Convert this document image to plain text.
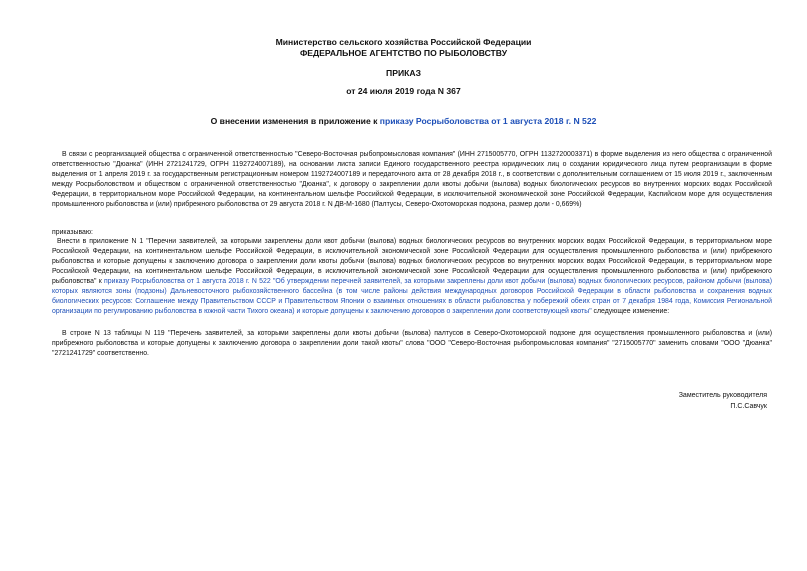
Министерство сельского хозяйства Российской Федерации
ФЕДЕРАЛЬНОЕ АГЕНТСТВО ПО РЫБОЛОВСТВУ
ПРИКАЗ
от 24 июля 2019 года N 367
О внесении изменения в приложение к приказу Росрыболовства от 1 августа 2018 г. N 522
В связи с реорганизацией общества с ограниченной ответственностью "Северо-Восточная рыбопромысловая компания" (ИНН 2715005770, ОГРН 1132720003371) в форме выделения из него общества с ограниченной ответственностью "Дюанка" (ИНН 2721241729, ОГРН 1192724007189), на основании листа записи Единого государственного реестра юридических лиц о создании юридического лица путем реорганизации в форме выделения от 1 апреля 2019 г. за государственным регистрационным номером 1192724007189 и передаточного акта от 28 декабря 2018 г., в соответствии с дополнительным соглашением от 15 июля 2019 г., заключенным между Росрыболовством и обществом с ограниченной ответственностью "Дюанка", к договору о закреплении доли квоты добычи (вылова) водных биологических ресурсов во внутренних морских водах Российской Федерации, в территориальном море Российской Федерации, на континентальном шельфе Российской Федерации, в исключительной экономической зоне Российской Федерации, Каспийском море для осуществления промышленного рыболовства и (или) прибрежного рыболовства от 29 августа 2018 г. N ДВ-М-1680 (Палтусы, Северо-Охотоморская подзона, размер доли - 0,669%)
приказываю:
Внести в приложение N 1 "Перечни заявителей, за которыми закреплены доли квот добычи (вылова) водных биологических ресурсов во внутренних морских водах Российской Федерации, в территориальном море Российской Федерации, на континентальном шельфе Российской Федерации, в исключительной экономической зоне Российской Федерации для осуществления промышленного рыболовства и (или) прибрежного рыболовства и которые допущены к заключению договора о закреплении доли квоты добычи (вылова) водных биологических ресурсов во внутренних морских водах Российской Федерации, в территориальном море Российской Федерации, на континентальном шельфе Российской Федерации, в исключительной экономической зоне Российской Федерации для осуществления промышленного рыболовства и (или) прибрежного рыболовства" к приказу Росрыболовства от 1 августа 2018 г. N 522 "Об утверждении перечней заявителей, за которыми закреплены доли квот добычи (вылова) водных биологических ресурсов, районом добычи (вылова) которых являются зоны (подзоны) Дальневосточного рыбохозяйственного бассейна (в том числе районы действия международных договоров Российской Федерации в области рыболовства и сохранения водных биологических ресурсов: Соглашение между Правительством СССР и Правительством Японии о взаимных отношениях в области рыболовства у побережий обеих стран от 7 декабря 1984 года, Комиссия Региональной организации по регулированию рыболовства в южной части Тихого океана) и которые допущены к заключению договоров о закреплении доли соответствующей квоты" следующее изменение:
В строке N 13 таблицы N 119 "Перечень заявителей, за которыми закреплены доли квоты добычи (вылова) палтусов в Северо-Охотоморской подзоне для осуществления промышленного рыболовства и (или) прибрежного рыболовства и которые допущены к заключению договора о закреплении доли такой квоты" слова "ООО "Северо-Восточная рыбопромысловая компания" "2715005770" заменить словами "ООО "Дюанка" "2721241729" соответственно.
Заместитель руководителя
П.С.Савчук
